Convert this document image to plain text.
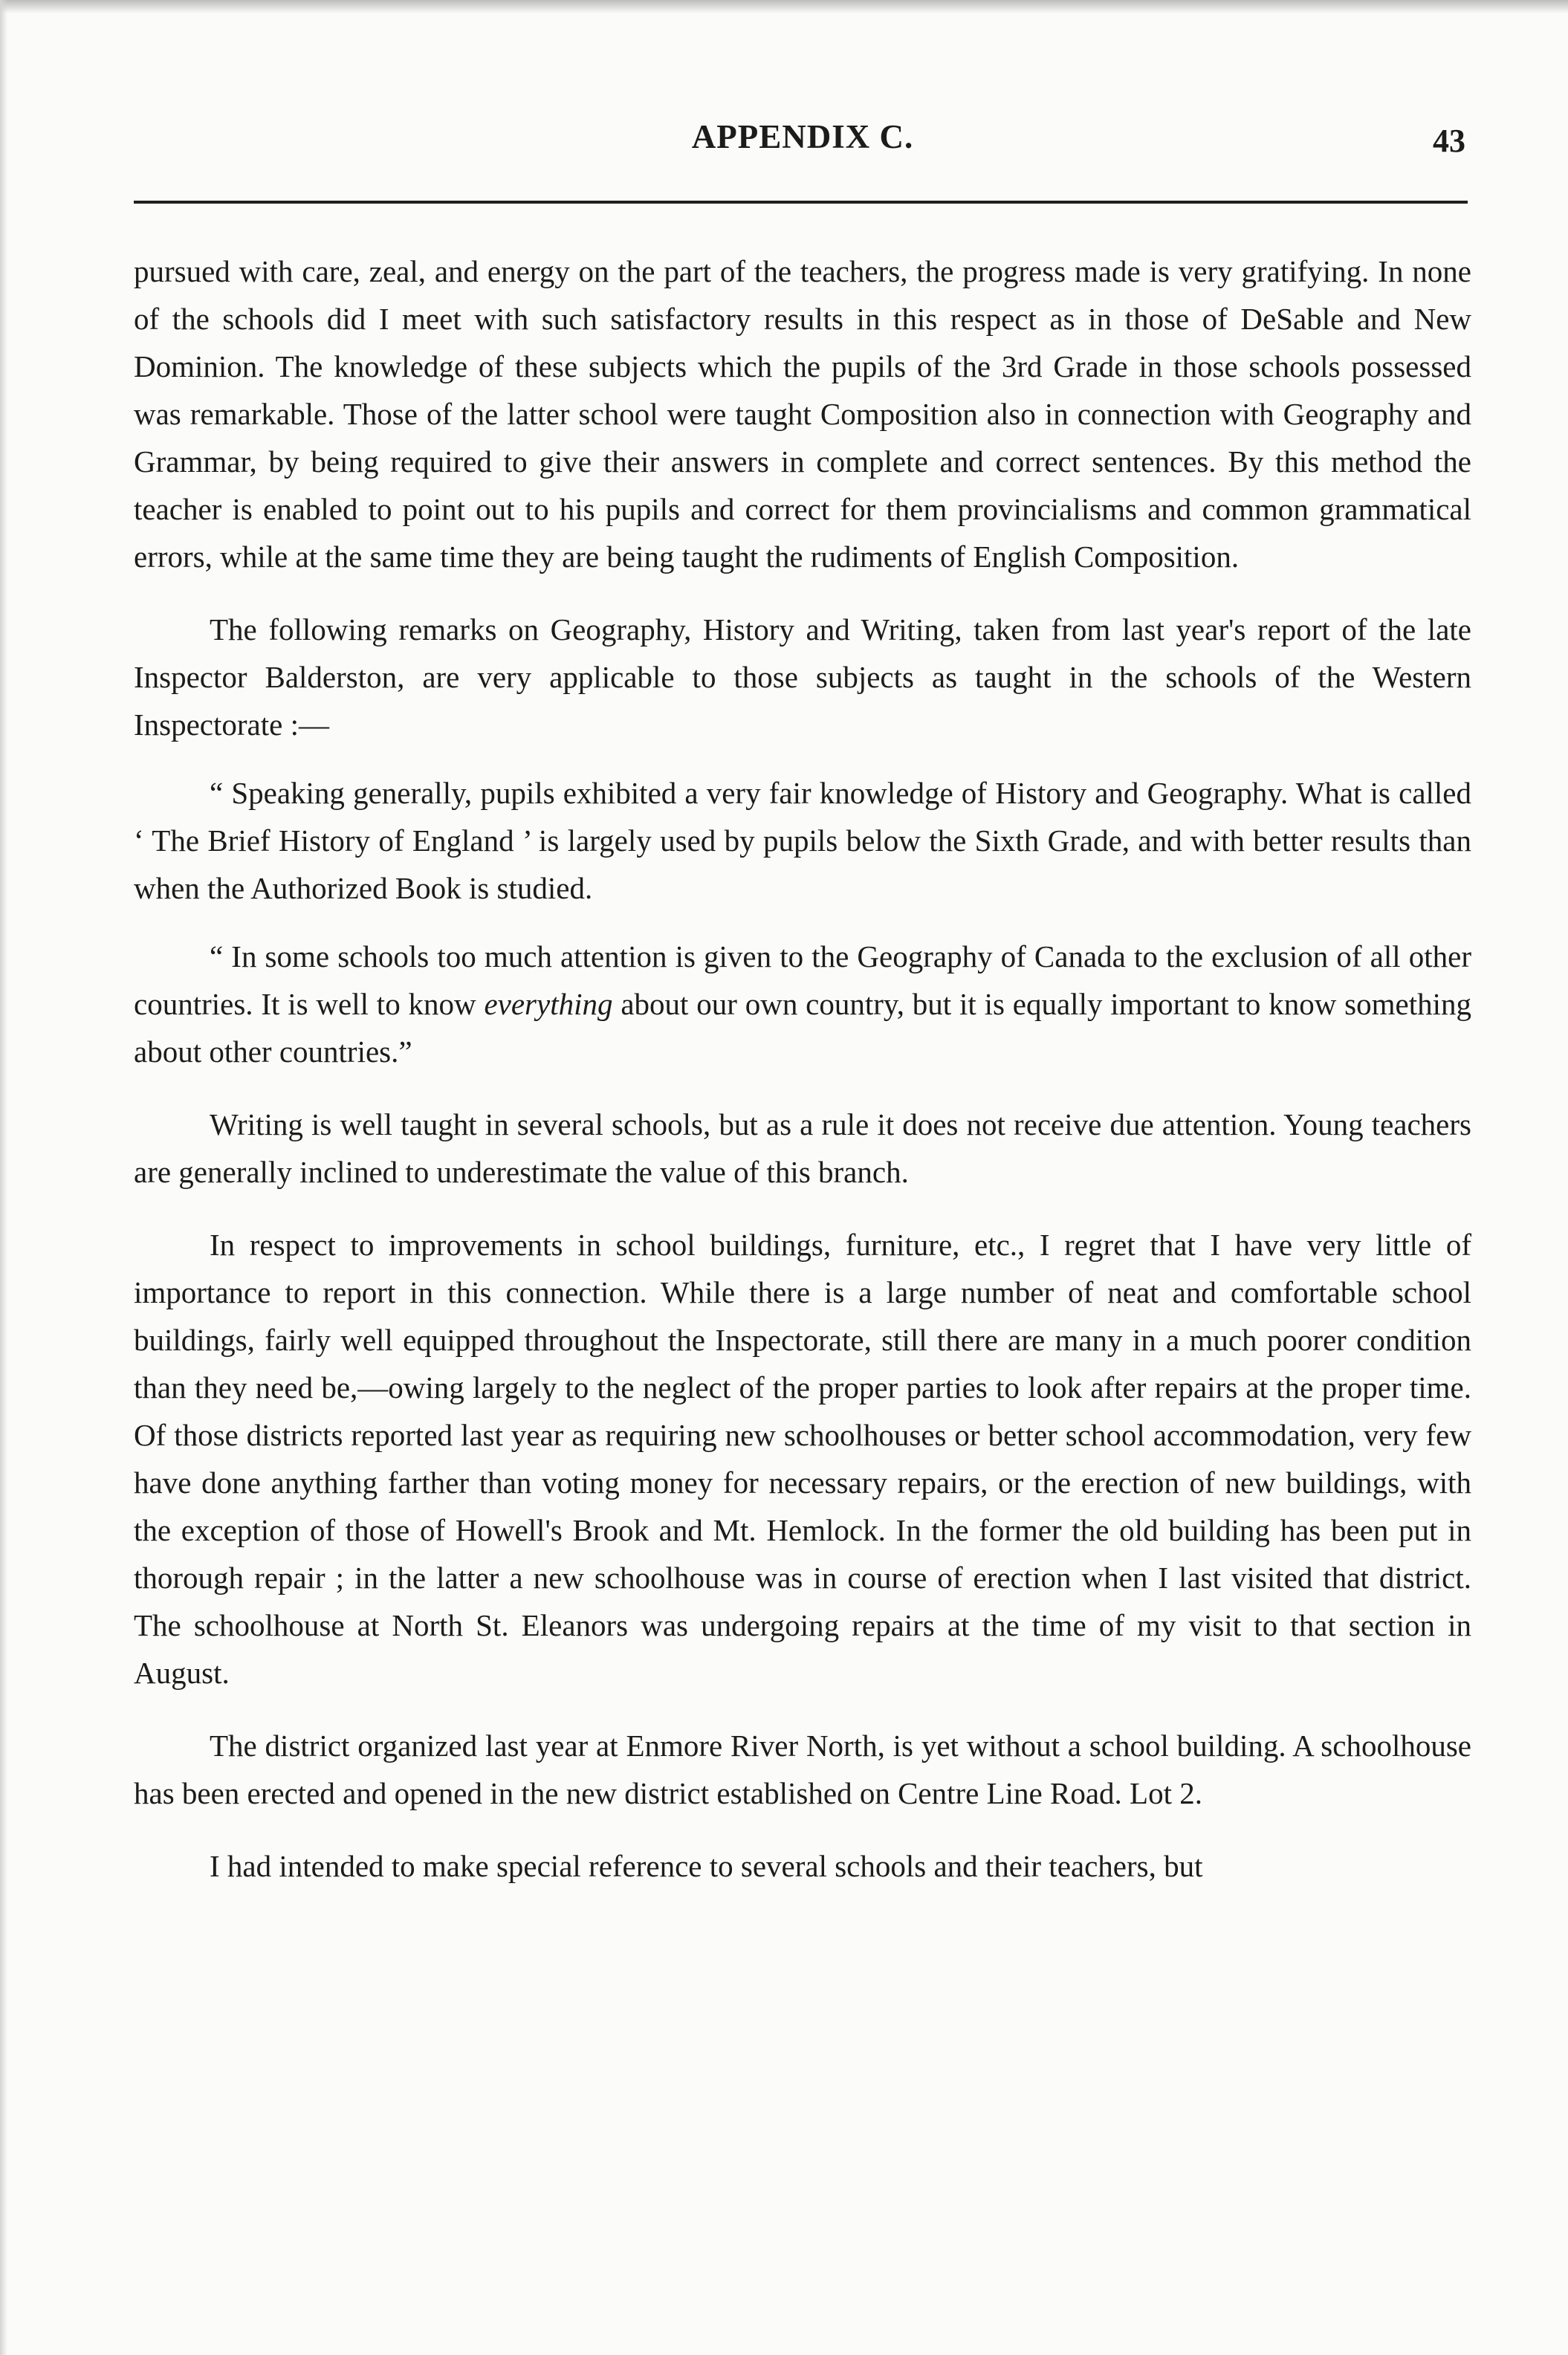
APPENDIX C.	43

pursued with care, zeal, and energy on the part of the teachers, the progress made is very gratifying. In none of the schools did I meet with such satisfactory results in this respect as in those of DeSable and New Dominion. The knowledge of these subjects which the pupils of the 3rd Grade in those schools possessed was remarkable. Those of the latter school were taught Composition also in connection with Geography and Grammar, by being required to give their answers in complete and correct sentences. By this method the teacher is enabled to point out to his pupils and correct for them provincialisms and common grammatical errors, while at the same time they are being taught the rudiments of English Composition.

The following remarks on Geography, History and Writing, taken from last year's report of the late Inspector Balderston, are very applicable to those subjects as taught in the schools of the Western Inspectorate :—

“ Speaking generally, pupils exhibited a very fair knowledge of History and Geography. What is called ‘ The Brief History of England ’ is largely used by pupils below the Sixth Grade, and with better results than when the Authorized Book is studied.

“ In some schools too much attention is given to the Geography of Canada to the exclusion of all other countries. It is well to know everything about our own country, but it is equally important to know something about other countries.”

Writing is well taught in several schools, but as a rule it does not receive due attention. Young teachers are generally inclined to underestimate the value of this branch.

In respect to improvements in school buildings, furniture, etc., I regret that I have very little of importance to report in this connection. While there is a large number of neat and comfortable school buildings, fairly well equipped throughout the Inspectorate, still there are many in a much poorer condition than they need be,—owing largely to the neglect of the proper parties to look after repairs at the proper time. Of those districts reported last year as requiring new schoolhouses or better school accommodation, very few have done anything farther than voting money for necessary repairs, or the erection of new buildings, with the exception of those of Howell's Brook and Mt. Hemlock. In the former the old building has been put in thorough repair ; in the latter a new schoolhouse was in course of erection when I last visited that district. The schoolhouse at North St. Eleanors was undergoing repairs at the time of my visit to that section in August.

The district organized last year at Enmore River North, is yet without a school building. A schoolhouse has been erected and opened in the new district established on Centre Line Road. Lot 2.

I had intended to make special reference to several schools and their teachers, but
